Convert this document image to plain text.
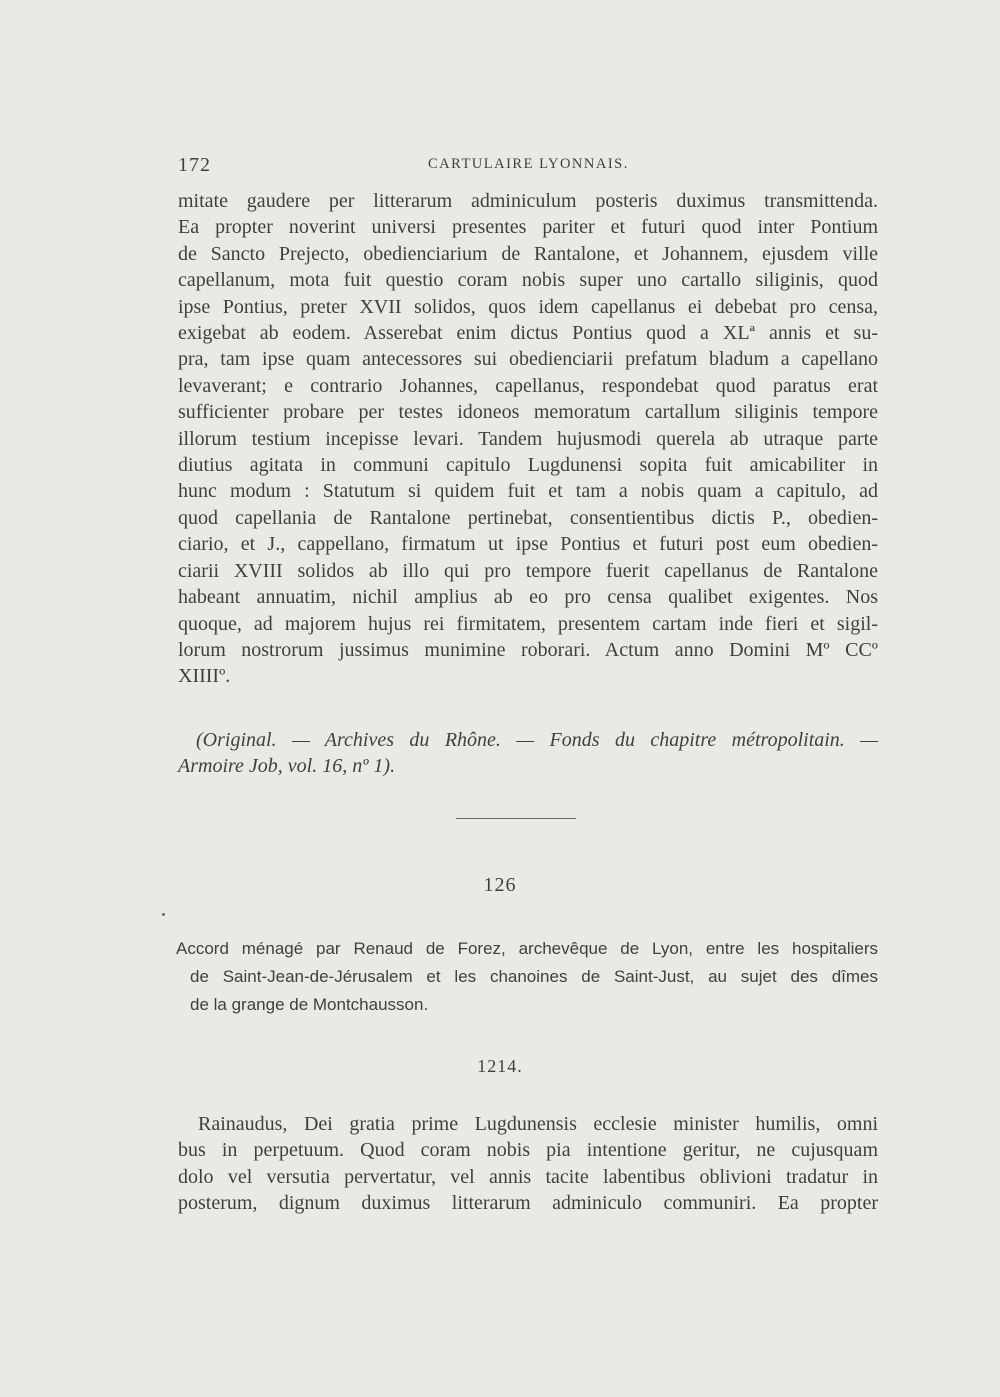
172	CARTULAIRE LYONNAIS.
mitate gaudere per litterarum adminiculum posteris duximus transmittenda.
Ea propter noverint universi presentes pariter et futuri quod inter Pontium
de Sancto Prejecto, obedienciarium de Rantalone, et Johannem, ejusdem ville
capellanum, mota fuit questio coram nobis super uno cartallo siliginis, quod
ipse Pontius, preter XVII solidos, quos idem capellanus ei debebat pro censa,
exigebat ab eodem. Asserebat enim dictus Pontius quod a XLª annis et su-
pra, tam ipse quam antecessores sui obedienciarii prefatum bladum a capellano
levaverant; e contrario Johannes, capellanus, respondebat quod paratus erat
sufficienter probare per testes idoneos memoratum cartallum siliginis tempore
illorum testium incepisse levari. Tandem hujusmodi querela ab utraque parte
diutius agitata in communi capitulo Lugdunensi sopita fuit amicabiliter in
hunc modum : Statutum si quidem fuit et tam a nobis quam a capitulo, ad
quod capellania de Rantalone pertinebat, consentientibus dictis P., obedien-
ciario, et J., cappellano, firmatum ut ipse Pontius et futuri post eum obedien-
ciarii XVIII solidos ab illo qui pro tempore fuerit capellanus de Rantalone
habeant annuatim, nichil amplius ab eo pro censa qualibet exigentes. Nos
quoque, ad majorem hujus rei firmitatem, presentem cartam inde fieri et sigil-
lorum nostrorum jussimus munimine roborari. Actum anno Domini Mº CCº
XIIIIº.
(Original. — Archives du Rhône. — Fonds du chapitre métropolitain. —
Armoire Job, vol. 16, nº 1).
126
Accord ménagé par Renaud de Forez, archevêque de Lyon, entre les hospitaliers
de Saint-Jean-de-Jérusalem et les chanoines de Saint-Just, au sujet des dîmes
de la grange de Montchausson.
1214.
Rainaudus, Dei gratia prime Lugdunensis ecclesie minister humilis, omni
bus in perpetuum. Quod coram nobis pia intentione geritur, ne cujusquam
dolo vel versutia pervertatur, vel annis tacite labentibus oblivioni tradatur in
posterum, dignum duximus litterarum adminiculo communiri. Ea propter
